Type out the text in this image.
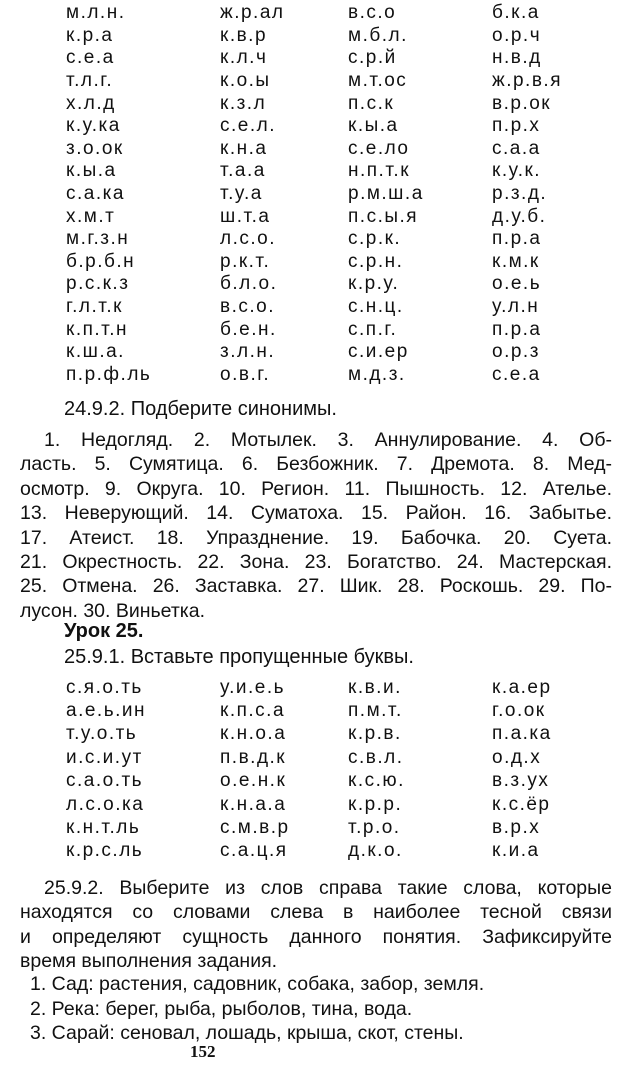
м.л.н.	ж.р.ал	в.с.о	б.к.а
к.р.а	к.в.р	м.б.л.	о.р.ч
с.е.а	к.л.ч	с.р.й	н.в.д
т.л.г.	к.о.ы	м.т.ос	ж.р.в.я
х.л.д	к.з.л	п.с.к	в.р.ок
к.у.ка	с.е.л.	к.ы.а	п.р.х
з.о.ок	к.н.а	с.е.ло	с.а.а
к.ы.а	т.а.а	н.п.т.к	к.у.к.
с.а.ка	т.у.а	р.м.ш.а	р.з.д.
х.м.т	ш.т.а	п.с.ы.я	д.у.б.
м.г.з.н	л.с.о.	с.р.к.	п.р.а
б.р.б.н	р.к.т.	с.р.н.	к.м.к
р.с.к.з	б.л.о.	к.р.у.	о.е.ь
г.л.т.к	в.с.о.	с.н.ц.	у.л.н
к.п.т.н	б.е.н.	с.п.г.	п.р.а
к.ш.а.	з.л.н.	с.и.ер	о.р.з
п.р.ф.ль	о.в.г.	м.д.з.	с.е.а
24.9.2. Подберите синонимы.
1. Недогляд. 2. Мотылек. 3. Аннулирование. 4. Об-
ласть. 5. Сумятица. 6. Безбожник. 7. Дремота. 8. Мед-
осмотр. 9. Округа. 10. Регион. 11. Пышность. 12. Ателье.
13. Неверующий. 14. Суматоха. 15. Район. 16. Забытье.
17. Атеист. 18. Упразднение. 19. Бабочка. 20. Суета.
21. Окрестность. 22. Зона. 23. Богатство. 24. Мастерская.
25. Отмена. 26. Заставка. 27. Шик. 28. Роскошь. 29. По-
лусон. 30. Виньетка.
Урок 25.
25.9.1. Вставьте пропущенные буквы.
с.я.о.ть	у.и.е.ь	к.в.и.	к.а.ер
а.е.ь.ин	к.п.с.а	п.м.т.	г.о.ок
т.у.о.ть	к.н.о.а	к.р.в.	п.а.ка
и.с.и.ут	п.в.д.к	с.в.л.	о.д.х
с.а.о.ть	о.е.н.к	к.с.ю.	в.з.ух
л.с.о.ка	к.н.а.а	к.р.р.	к.с.ёр
к.н.т.ль	с.м.в.р	т.р.о.	в.р.х
к.р.с.ль	с.а.ц.я	д.к.о.	к.и.а
25.9.2. Выберите из слов справа такие слова, которые
находятся со словами слева в наиболее тесной связи
и определяют сущность данного понятия. Зафиксируйте
время выполнения задания.
1. Сад: растения, садовник, собака, забор, земля.
2. Река: берег, рыба, рыболов, тина, вода.
3. Сарай: сеновал, лошадь, крыша, скот, стены.
152
